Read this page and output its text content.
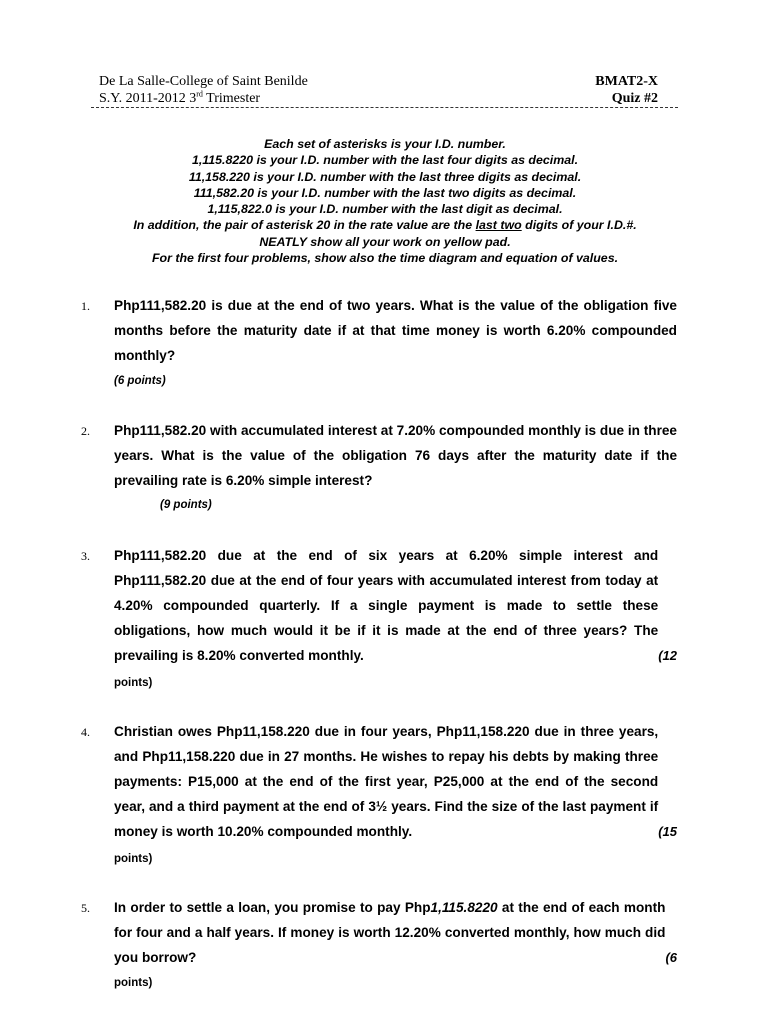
De La Salle-College of Saint Benilde
S.Y. 2011-2012 3rd Trimester
BMAT2-X
Quiz #2
Each set of asterisks is your I.D. number.
1,115.8220 is your I.D. number with the last four digits as decimal.
11,158.220 is your I.D. number with the last three digits as decimal.
111,582.20 is your I.D. number with the last two digits as decimal.
1,115,822.0 is your I.D. number with the last digit as decimal.
In addition, the pair of asterisk 20 in the rate value are the last two digits of your I.D.#.
NEATLY show all your work on yellow pad.
For the first four problems, show also the time diagram and equation of values.
1. Php111,582.20 is due at the end of two years. What is the value of the obligation five months before the maturity date if at that time money is worth 6.20% compounded monthly?
(6 points)
2. Php111,582.20 with accumulated interest at 7.20% compounded monthly is due in three years. What is the value of the obligation 76 days after the maturity date if the prevailing rate is 6.20% simple interest?
(9 points)
3.
(12
Php111,582.20 due at the end of six years at 6.20% simple interest and Php111,582.20 due at the end of four years with accumulated interest from today at 4.20% compounded quarterly. If a single payment is made to settle these obligations, how much would it be if it is made at the end of three years? The prevailing is 8.20% converted monthly.
points)
4.
(15
Christian owes Php11,158.220 due in four years, Php11,158.220 due in three years, and Php11,158.220 due in 27 months. He wishes to repay his debts by making three payments: P15,000 at the end of the first year, P25,000 at the end of the second year, and a third payment at the end of 3½ years. Find the size of the last payment if money is worth 10.20% compounded monthly.
points)
5.
(6
In order to settle a loan, you promise to pay Php1,115.8220 at the end of each month for four and a half years. If money is worth 12.20% converted monthly, how much did you borrow?
points)
